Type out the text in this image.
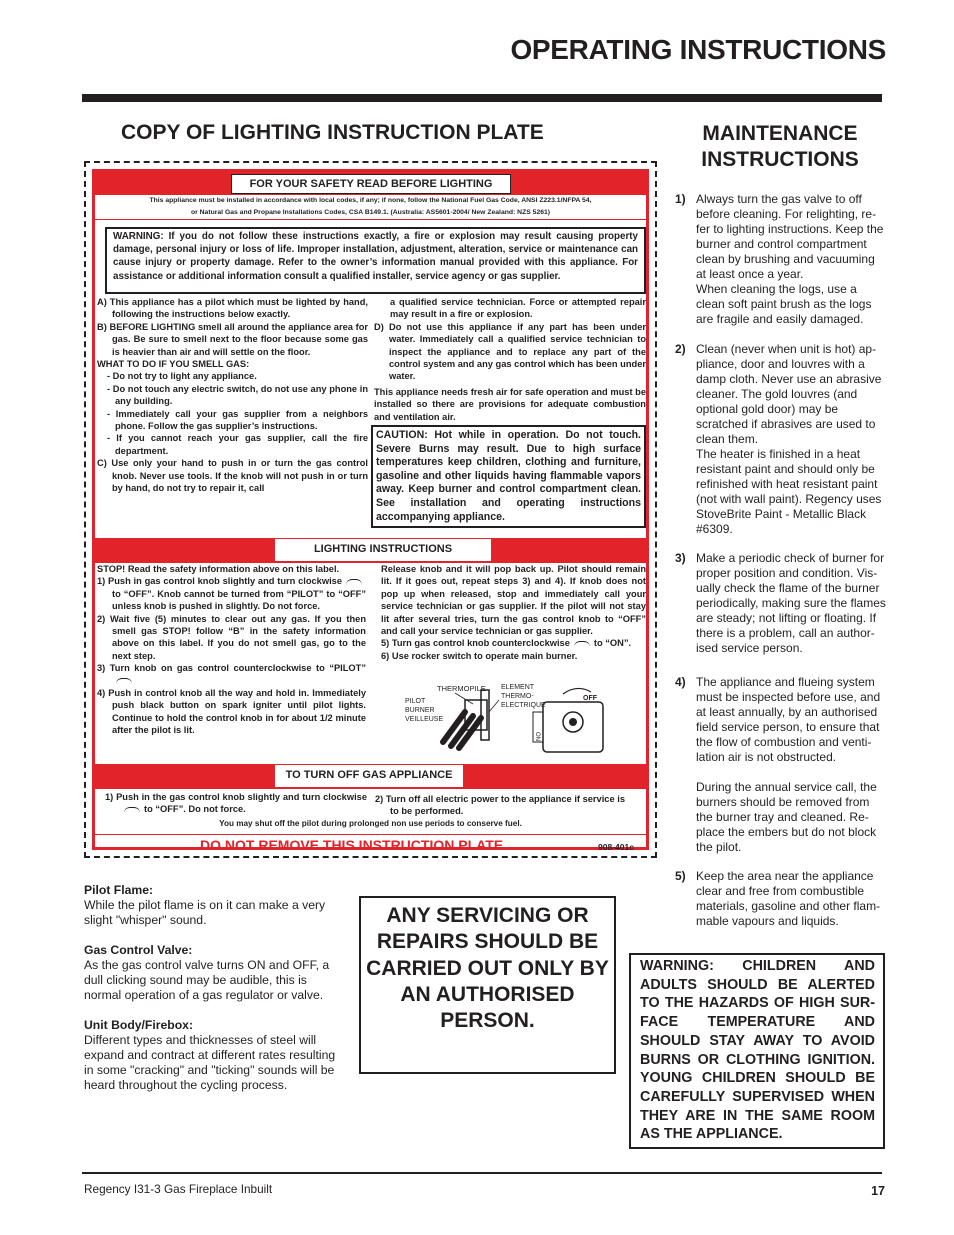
OPERATING INSTRUCTIONS
COPY OF LIGHTING INSTRUCTION PLATE	MAINTENANCE
INSTRUCTIONS
FOR YOUR SAFETY READ BEFORE LIGHTING
This appliance must be installed in accordance with local codes, if any; if none, follow the National Fuel Gas Code, ANSI Z223.1/NFPA 54,
or Natural Gas and Propane Installations Codes, CSA B149.1. (Australia: AS5601-2004/ New Zealand: NZS 5261)
WARNING: If you do not follow these instructions exactly, a fire or explosion may result causing property damage, personal injury or loss of life. Improper installation, adjustment, alteration, service or maintenance can cause injury or property damage. Refer to the owner’s information manual provided with this appliance. For assistance or additional information consult a qualified installer, service agency or gas supplier.
A) This appliance has a pilot which must be lighted by hand, following the instructions below exactly.
B) BEFORE LIGHTING smell all around the appliance area for gas. Be sure to smell next to the floor because some gas is heavier than air and will settle on the floor.
WHAT TO DO IF YOU SMELL GAS:
- Do not try to light any appliance.
- Do not touch any electric switch, do not use any phone in any building.
- Immediately call your gas supplier from a neighbors phone. Follow the gas supplier’s instructions.
- If you cannot reach your gas supplier, call the fire department.
C) Use only your hand to push in or turn the gas control knob. Never use tools. If the knob will not push in or turn by hand, do not try to repair it, call
a qualified service technician. Force or attempted repair may result in a fire or explosion.
D) Do not use this appliance if any part has been under water. Immediately call a qualified service technician to inspect the appliance and to replace any part of the control system and any gas control which has been under water.
This appliance needs fresh air for safe operation and must be installed so there are provisions for adequate combustion and ventilation air.
CAUTION: Hot while in operation. Do not touch. Severe Burns may result. Due to high surface temperatures keep children, clothing and furniture, gasoline and other liquids having flammable vapors away. Keep burner and control compartment clean. See installation and operating instructions accompanying appliance.
LIGHTING INSTRUCTIONS
STOP! Read the safety information above on this label.
1) Push in gas control knob slightly and turn clockwiseto “OFF”. Knob cannot be turned from “PILOT” to “OFF” unless knob is pushed in slightly. Do not force.
2) Wait five (5) minutes to clear out any gas. If you then smell gas STOP! follow “B” in the safety information above on this label. If you do not smell gas, go to the next step.
3) Turn knob on gas control counterclockwise to “PILOT”
4) Push in control knob all the way and hold in. Immediately push black button on spark igniter until pilot lights. Continue to hold the control knob in for about 1/2 minute after the pilot is lit.
Release knob and it will pop back up. Pilot should remain lit. If it goes out, repeat steps 3) and 4). If knob does not pop up when released, stop and immediately call your service technician or gas supplier. If the pilot will not stay lit after several tries, turn the gas control knob to “OFF” and call your service technician or gas supplier.
5) Turn gas control knob counterclockwise	to “ON”.
6) Use rocker switch to operate main burner.
THERMOPILE ELEMENT
THERMO-
ELECTRIQUE
PILOT
BURNER
VEILLEUSE
ON
OFF
TO TURN OFF GAS APPLIANCE
1) Push in the gas control knob slightly and turn clockwiseto “OFF”. Do not force.
2) Turn off all electric power to the appliance if service is to be performed.
You may shut off the pilot during prolonged non use periods to conserve fuel.
DO NOT REMOVE THIS INSTRUCTION PLATE	908-401c
1) Always turn the gas valve to off before cleaning. For relighting, re-fer to lighting instructions. Keep the burner and control compartment clean by brushing and vacuuming at least once a year.
When cleaning the logs, use a clean soft paint brush as the logs are fragile and easily damaged.
2) Clean (never when unit is hot) ap-pliance, door and louvres with a damp cloth. Never use an abrasive cleaner. The gold louvres (and optional gold door) may be scratched if abrasives are used to clean them.
The heater is finished in a heat resistant paint and should only be refinished with heat resistant paint (not with wall paint). Regency uses StoveBrite Paint - Metallic Black #6309.
3) Make a periodic check of burner for proper position and condition. Vis-ually check the flame of the burner periodically, making sure the flames are steady; not lifting or floating. If there is a problem, call an author-ised service person.
4) The appliance and flueing system must be inspected before use, and at least annually, by an authorised field service person, to ensure that the flow of combustion and venti-lation air is not obstructed.
During the annual service call, the burners should be removed from the burner tray and cleaned. Re-place the embers but do not block the pilot.
5) Keep the area near the appliance clear and free from combustible materials, gasoline and other flam-mable vapours and liquids.
Pilot Flame:
While the pilot flame is on it can make a very slight "whisper" sound.
Gas Control Valve:
As the gas control valve turns ON and OFF, a dull clicking sound may be audible, this is normal operation of a gas regulator or valve.
Unit Body/Firebox:
Different types and thicknesses of steel will expand and contract at different rates resulting in some "cracking" and "ticking" sounds will be heard throughout the cycling process.
ANY SERVICING OR REPAIRS SHOULD BE CARRIED OUT ONLY BY AN AUTHORISED PERSON.
WARNING: CHILDREN AND ADULTS SHOULD BE ALERTED TO THE HAZARDS OF HIGH SUR-FACE TEMPERATURE AND SHOULD STAY AWAY TO AVOID BURNS OR CLOTHING IGNITION. YOUNG CHILDREN SHOULD BE CAREFULLY SUPERVISED WHEN THEY ARE IN THE SAME ROOM AS THE APPLIANCE.
Regency I31-3 Gas Fireplace Inbuilt	17
